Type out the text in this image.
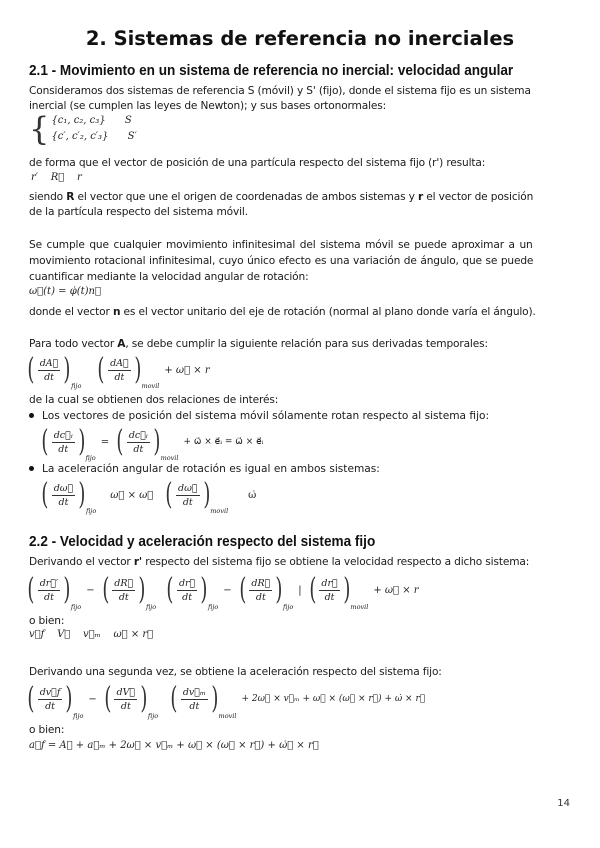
2. Sistemas de referencia no inerciales
2.1 - Movimiento en un sistema de referencia no inercial: velocidad angular
Consideramos dos sistemas de referencia S (móvil) y S' (fijo), donde el sistema fijo es un sistema
inercial (se cumplen las leyes de Newton); y sus bases ortonormales:
{ {c₁, c₂, c₃} S
{c′, c′₂, c′₃} S′
de forma que el vector de posición de una partícula respecto del sistema fijo (r') resulta:
r′    R⃗    r
siendo R el vector que une el origen de coordenadas de ambos sistemas y r el vector de posición
de la partícula respecto del sistema móvil.
Se cumple que cualquier movimiento infinitesimal del sistema móvil se puede aproximar a un
movimiento rotacional infinitesimal, cuyo único efecto es una variación de ángulo, que se puede
cuantificar mediante la velocidad angular de rotación:
ω⃗(t) = φ̇(t)n⃗
donde el vector n es el vector unitario del eje de rotación (normal al plano donde varía el ángulo).
Para todo vector A, se debe cumplir la siguiente relación para sus derivadas temporales:
( $\frac{dA⃗}{dt}$ ) fijo ( $\frac{dA⃗}{dt}$ ) movil
+ ω⃗ × r
de la cual se obtienen dos relaciones de interés:
Los vectores de posición del sistema móvil sólamente rotan respecto al sistema fijo:
( $\frac{\text{dc⃗ᵢ}}{dt}$ ) fijo
= ( $\frac{\text{dc⃗ᵢ}}{dt}$ ) movil
+ ω⃗ × e⃗ᵢ = ω⃗ × e⃗ᵢ
La aceleración angular de rotación es igual en ambos sistemas:
( $\frac{d\omega⃗}{dt}$ ) fijo
ω⃗ × ω⃗ ( $\frac{d\omega⃗}{dt}$ ) movil
ω̇
2.2 - Velocidad y aceleración respecto del sistema fijo
Derivando el vector r' respecto del sistema fijo se obtiene la velocidad respecto a dicho sistema:
( $\frac{dr⃗'}{dt}$ ) fijo
− ( $\frac{dR⃗}{dt}$ ) fijo ( $\frac{dr⃗}{dt}$ ) fijo
− ( $\frac{dR⃗}{dt}$ ) fijo
| ( $\frac{dr⃗}{dt}$ ) movil
+ ω⃗ × r
o bien:
v⃗f    V⃗    v⃗ₘ    ω⃗ × r⃗
Derivando una segunda vez, se obtiene la aceleración respecto del sistema fijo:
( $\frac{dv⃗f}{dt}$ ) fijo
− ( $\frac{dV⃗}{dt}$ ) fijo ( $\frac{\text{dv⃗ₘ}}{dt}$ ) movil
+ 2ω⃗ × v⃗ₘ + ω⃗ × (ω⃗ × r⃗) + ω̇ × r⃗
o bien:
a⃗f = A⃗ + a⃗ₘ + 2ω⃗ × v⃗ₘ + ω⃗ × (ω⃗ × r⃗) + ω̇⃗ × r⃗
14
